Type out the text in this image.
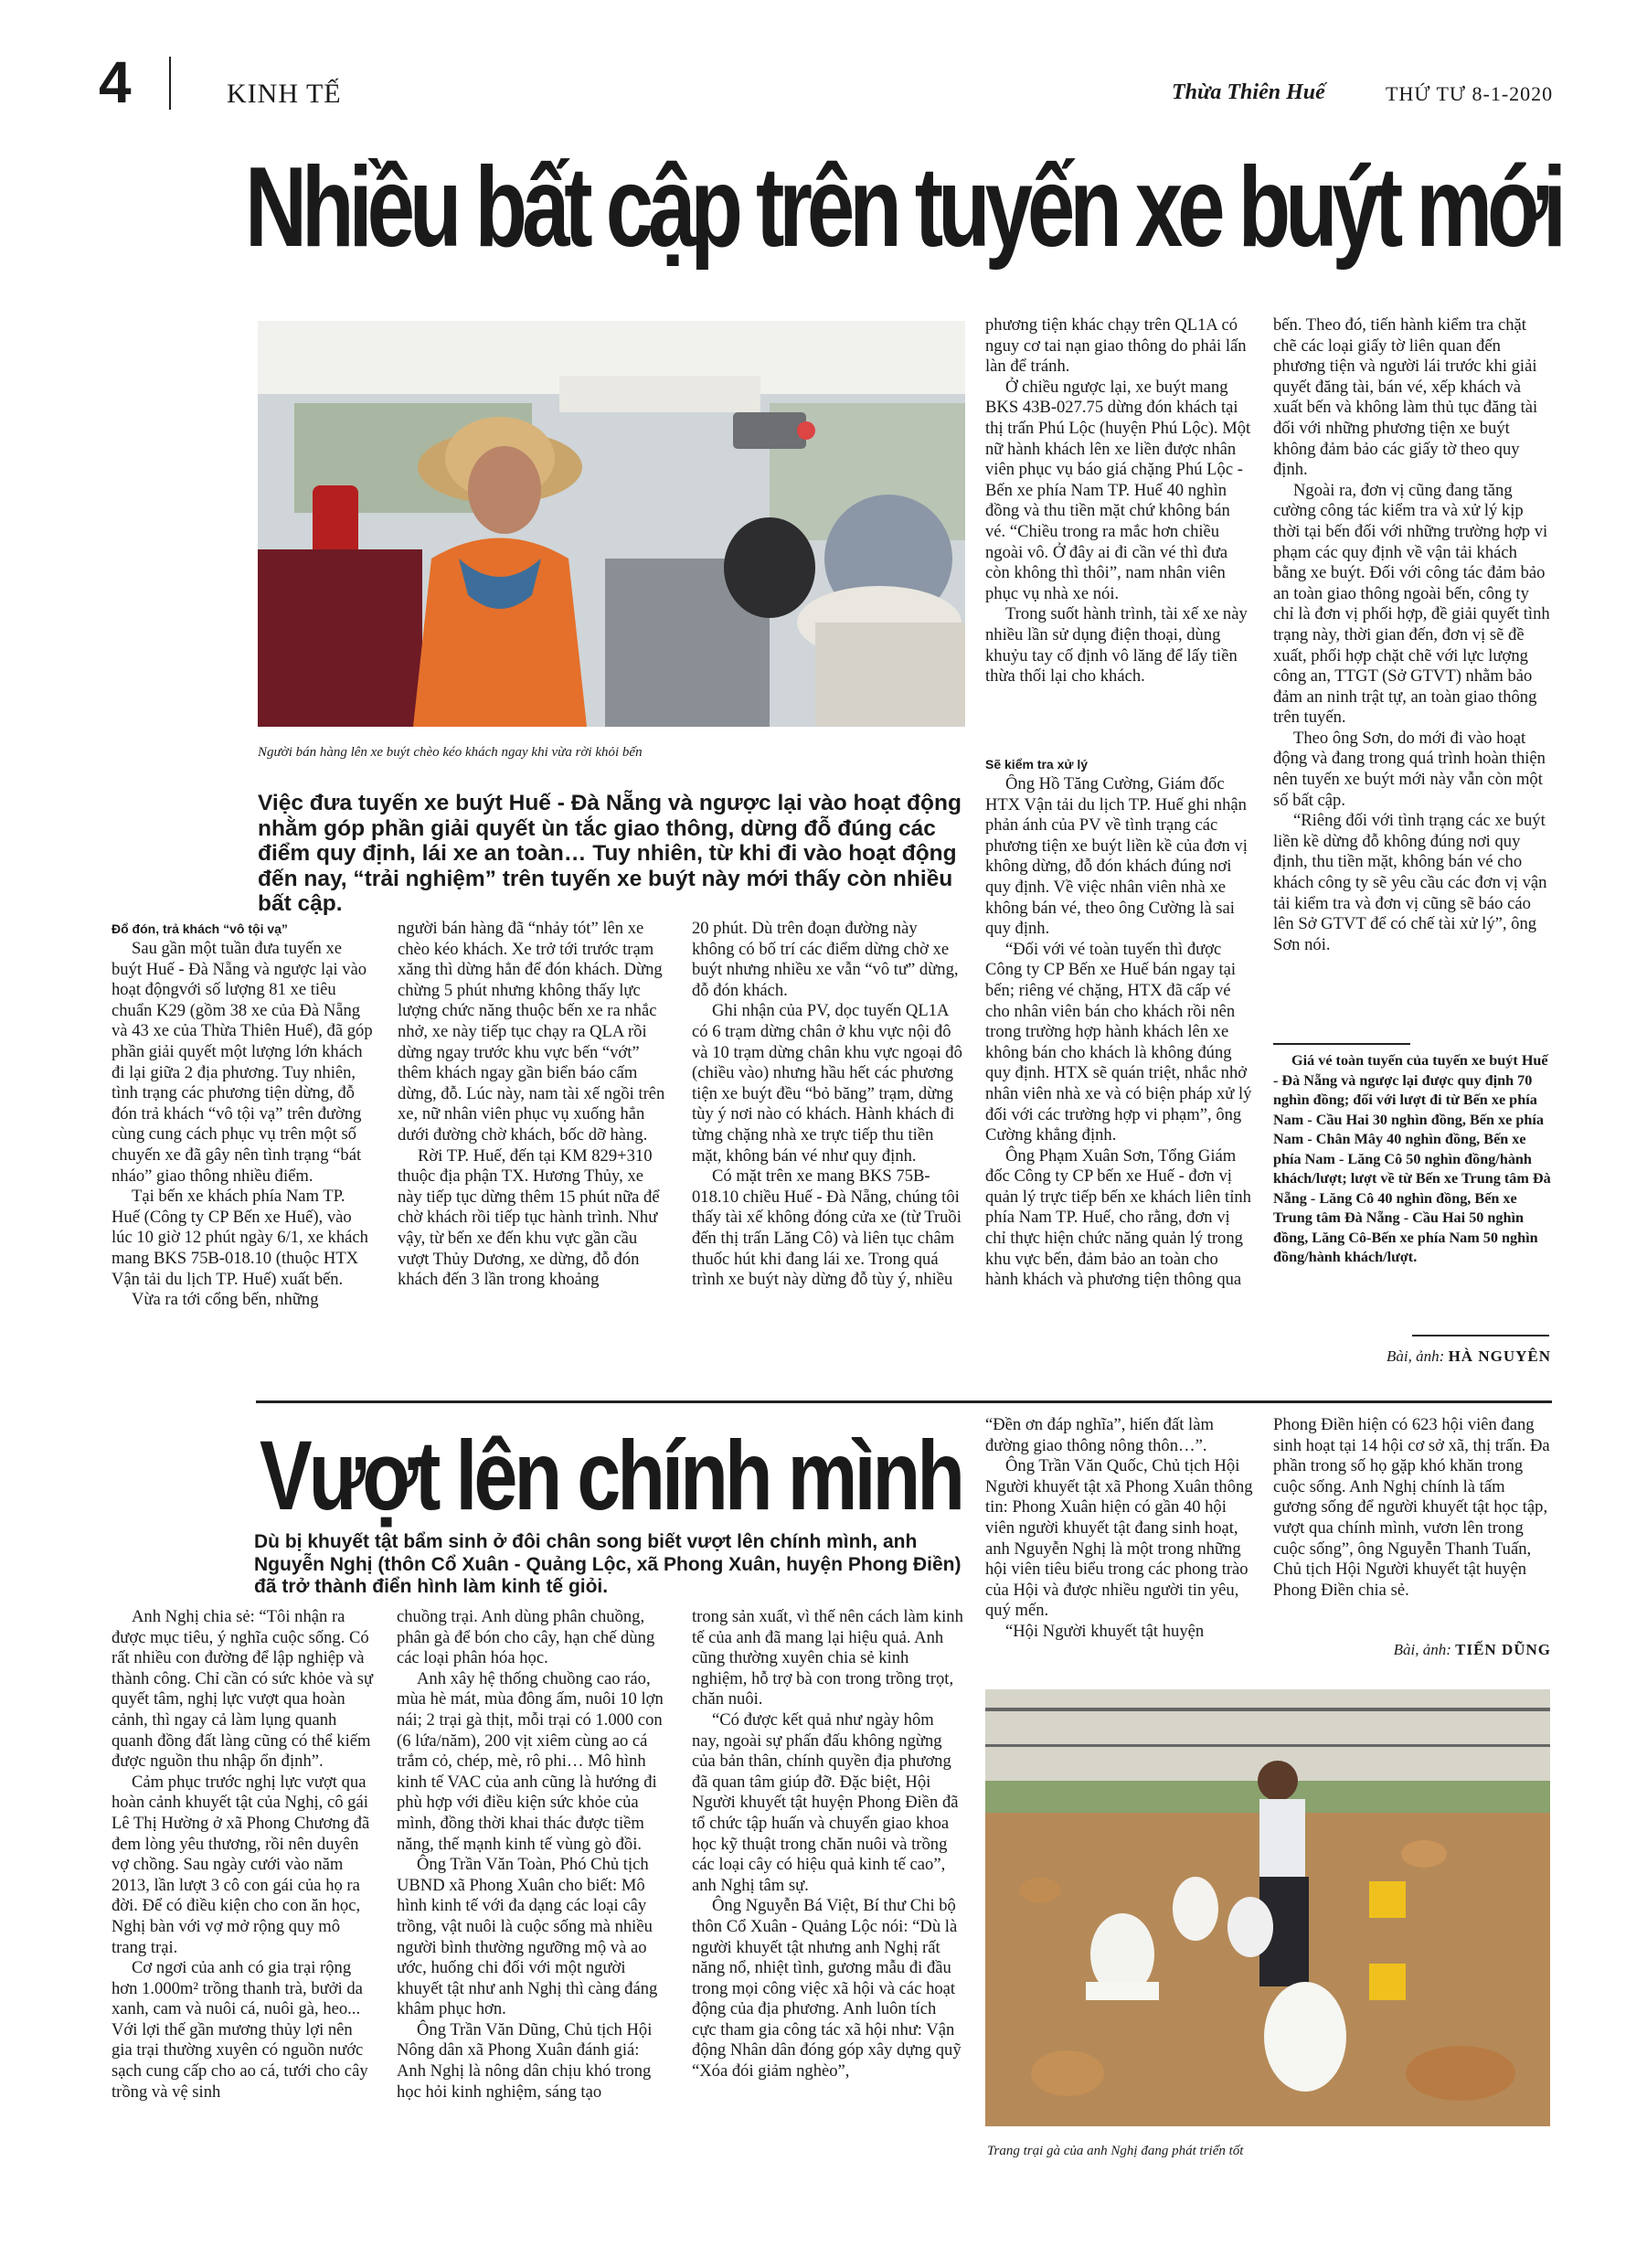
4	KINH TẾ	Thừa Thiên Huế	THỨ TƯ 8-1-2020
Nhiều bất cập trên tuyến xe buýt mới
Người bán hàng lên xe buýt chèo kéo khách ngay khi vừa rời khỏi bến
Việc đưa tuyến xe buýt Huế - Đà Nẵng và ngược lại vào hoạt động nhằm góp phần giải quyết ùn tắc giao thông, dừng đỗ đúng các điểm quy định, lái xe an toàn… Tuy nhiên, từ khi đi vào hoạt động đến nay, “trải nghiệm” trên tuyến xe buýt này mới thấy còn nhiều bất cập.
Đổ đón, trả khách “vô tội vạ”

Sau gần một tuần đưa tuyến xe buýt Huế - Đà Nẵng và ngược lại vào hoạt độngvới số lượng 81 xe tiêu chuẩn K29 (gồm 38 xe của Đà Nẵng và 43 xe của Thừa Thiên Huế), đã góp phần giải quyết một lượng lớn khách đi lại giữa 2 địa phương. Tuy nhiên, tình trạng các phương tiện dừng, đỗ đón trả khách “vô tội vạ” trên đường cùng cung cách phục vụ trên một số chuyến xe đã gây nên tình trạng “bát nháo” giao thông nhiều điểm.

Tại bến xe khách phía Nam TP. Huế (Công ty CP Bến xe Huế), vào lúc 10 giờ 12 phút ngày 6/1, xe khách mang BKS 75B-018.10 (thuộc HTX Vận tải du lịch TP. Huế) xuất bến.

Vừa ra tới cổng bến, những

người bán hàng đã “nhảy tót” lên xe chèo kéo khách. Xe trở tới trước trạm xăng thì dừng hẳn để đón khách. Dừng chừng 5 phút nhưng không thấy lực lượng chức năng thuộc bến xe ra nhắc nhở, xe này tiếp tục chạy ra QLA rồi dừng ngay trước khu vực bến “vớt” thêm khách ngay gần biển báo cấm dừng, đỗ. Lúc này, nam tài xế ngồi trên xe, nữ nhân viên phục vụ xuống hẳn dưới đường chờ khách, bốc dỡ hàng.

Rời TP. Huế, đến tại KM 829+310 thuộc địa phận TX. Hương Thủy, xe này tiếp tục dừng thêm 15 phút nữa để chờ khách rồi tiếp tục hành trình. Như vậy, từ bến xe đến khu vực gần cầu vượt Thủy Dương, xe dừng, đỗ đón khách đến 3 lần trong khoảng

20 phút. Dù trên đoạn đường này không có bố trí các điểm dừng chờ xe buýt nhưng nhiều xe vẫn “vô tư” dừng, đỗ đón khách.

Ghi nhận của PV, dọc tuyến QL1A có 6 trạm dừng chân ở khu vực nội đô và 10 trạm dừng chân khu vực ngoại đô (chiều vào) nhưng hầu hết các phương tiện xe buýt đều “bỏ băng” trạm, dừng tùy ý nơi nào có khách. Hành khách đi từng chặng nhà xe trực tiếp thu tiền mặt, không bán vé như quy định.

Có mặt trên xe mang BKS 75B-018.10 chiều Huế - Đà Nẵng, chúng tôi thấy tài xế không đóng cửa xe (từ Truồi đến thị trấn Lăng Cô) và liên tục châm thuốc hút khi đang lái xe. Trong quá trình xe buýt này dừng đỗ tùy ý, nhiều

phương tiện khác chạy trên QL1A có nguy cơ tai nạn giao thông do phải lấn làn để tránh.

Ở chiều ngược lại, xe buýt mang BKS 43B-027.75 dừng đón khách tại thị trấn Phú Lộc (huyện Phú Lộc). Một nữ hành khách lên xe liền được nhân viên phục vụ báo giá chặng Phú Lộc - Bến xe phía Nam TP. Huế 40 nghìn đồng và thu tiền mặt chứ không bán vé. “Chiều trong ra mắc hơn chiều ngoài vô. Ở đây ai đi cần vé thì đưa còn không thì thôi”, nam nhân viên phục vụ nhà xe nói.

Trong suốt hành trình, tài xế xe này nhiều lần sử dụng điện thoại, dùng khuỷu tay cố định vô lăng để lấy tiền thừa thối lại cho khách.

Sẽ kiểm tra xử lý

Ông Hồ Tăng Cường, Giám đốc HTX Vận tải du lịch TP. Huế ghi nhận phản ánh của PV về tình trạng các phương tiện xe buýt liền kề của đơn vị không dừng, đỗ đón khách đúng nơi quy định. Về việc nhân viên nhà xe không bán vé, theo ông Cường là sai quy định.

“Đối với vé toàn tuyến thì được Công ty CP Bến xe Huế bán ngay tại bến; riêng vé chặng, HTX đã cấp vé cho nhân viên bán cho khách rồi nên trong trường hợp hành khách lên xe không bán cho khách là không đúng quy định. HTX sẽ quán triệt, nhắc nhở nhân viên nhà xe và có biện pháp xử lý đối với các trường hợp vi phạm”, ông Cường khẳng định.

Ông Phạm Xuân Sơn, Tổng Giám đốc Công ty CP bến xe Huế - đơn vị quản lý trực tiếp bến xe khách liên tỉnh phía Nam TP. Huế, cho rằng, đơn vị chỉ thực hiện chức năng quản lý trong khu vực bến, đảm bảo an toàn cho hành khách và phương tiện thông qua

bến. Theo đó, tiến hành kiểm tra chặt chẽ các loại giấy tờ liên quan đến phương tiện và người lái trước khi giải quyết đăng tài, bán vé, xếp khách và xuất bến và không làm thủ tục đăng tài đối với những phương tiện xe buýt không đảm bảo các giấy tờ theo quy định.

Ngoài ra, đơn vị cũng đang tăng cường công tác kiểm tra và xử lý kịp thời tại bến đối với những trường hợp vi phạm các quy định về vận tải khách bằng xe buýt. Đối với công tác đảm bảo an toàn giao thông ngoài bến, công ty chỉ là đơn vị phối hợp, đề giải quyết tình trạng này, thời gian đến, đơn vị sẽ đề xuất, phối hợp chặt chẽ với lực lượng công an, TTGT (Sở GTVT) nhằm bảo đảm an ninh trật tự, an toàn giao thông trên tuyến.

Theo ông Sơn, do mới đi vào hoạt động và đang trong quá trình hoàn thiện nên tuyến xe buýt mới này vẫn còn một số bất cập.

“Riêng đối với tình trạng các xe buýt liền kề dừng đỗ không đúng nơi quy định, thu tiền mặt, không bán vé cho khách công ty sẽ yêu cầu các đơn vị vận tải kiểm tra và đơn vị cũng sẽ báo cáo lên Sở GTVT để có chế tài xử lý”, ông Sơn nói.

Giá vé toàn tuyến của tuyến xe buýt Huế - Đà Nẵng và ngược lại được quy định 70 nghìn đồng; đối với lượt đi từ Bến xe phía Nam - Cầu Hai 30 nghìn đồng, Bến xe phía Nam - Chân Mây 40 nghìn đồng, Bến xe phía Nam - Lăng Cô 50 nghìn đồng/hành khách/lượt; lượt về từ Bến xe Trung tâm Đà Nẵng - Lăng Cô 40 nghìn đồng, Bến xe Trung tâm Đà Nẵng - Cầu Hai 50 nghìn đồng, Lăng Cô-Bến xe phía Nam 50 nghìn đồng/hành khách/lượt.

Bài, ảnh: HÀ NGUYÊN
Vượt lên chính mình
Dù bị khuyết tật bẩm sinh ở đôi chân song biết vượt lên chính mình, anh Nguyễn Nghị (thôn Cổ Xuân - Quảng Lộc, xã Phong Xuân, huyện Phong Điền) đã trở thành điển hình làm kinh tế giỏi.

Anh Nghị chia sẻ: “Tôi nhận ra được mục tiêu, ý nghĩa cuộc sống. Có rất nhiều con đường để lập nghiệp và thành công. Chỉ cần có sức khỏe và sự quyết tâm, nghị lực vượt qua hoàn cảnh, thì ngay cả làm lụng quanh quanh đồng đất làng cũng có thể kiếm được nguồn thu nhập ổn định”.

Cảm phục trước nghị lực vượt qua hoàn cảnh khuyết tật của Nghị, cô gái Lê Thị Hường ở xã Phong Chương đã đem lòng yêu thương, rồi nên duyên vợ chồng. Sau ngày cưới vào năm 2013, lần lượt 3 cô con gái của họ ra đời. Để có điều kiện cho con ăn học, Nghị bàn với vợ mở rộng quy mô trang trại.

Cơ ngơi của anh có gia trại rộng hơn 1.000m² trồng thanh trà, bưởi da xanh, cam và nuôi cá, nuôi gà, heo... Với lợi thế gần mương thủy lợi nên gia trại thường xuyên có nguồn nước sạch cung cấp cho ao cá, tưới cho cây trồng và vệ sinh

chuồng trại. Anh dùng phân chuồng, phân gà để bón cho cây, hạn chế dùng các loại phân hóa học.

Anh xây hệ thống chuồng cao ráo, mùa hè mát, mùa đông ấm, nuôi 10 lợn nái; 2 trại gà thịt, mỗi trại có 1.000 con (6 lứa/năm), 200 vịt xiêm cùng ao cá trắm cỏ, chép, mè, rô phi… Mô hình kinh tế VAC của anh cũng là hướng đi phù hợp với điều kiện sức khỏe của mình, đồng thời khai thác được tiềm năng, thế mạnh kinh tế vùng gò đồi.

Ông Trần Văn Toàn, Phó Chủ tịch UBND xã Phong Xuân cho biết: Mô hình kinh tế với đa dạng các loại cây trồng, vật nuôi là cuộc sống mà nhiều người bình thường ngưỡng mộ và ao ước, huống chi đối với một người khuyết tật như anh Nghị thì càng đáng khâm phục hơn.

Ông Trần Văn Dũng, Chủ tịch Hội Nông dân xã Phong Xuân đánh giá: Anh Nghị là nông dân chịu khó trong học hỏi kinh nghiệm, sáng tạo

trong sản xuất, vì thế nên cách làm kinh tế của anh đã mang lại hiệu quả. Anh cũng thường xuyên chia sẻ kinh nghiệm, hỗ trợ bà con trong trồng trọt, chăn nuôi.

“Có được kết quả như ngày hôm nay, ngoài sự phấn đấu không ngừng của bản thân, chính quyền địa phương đã quan tâm giúp đỡ. Đặc biệt, Hội Người khuyết tật huyện Phong Điền đã tổ chức tập huấn và chuyển giao khoa học kỹ thuật trong chăn nuôi và trồng các loại cây có hiệu quả kinh tế cao”, anh Nghị tâm sự.

Ông Nguyễn Bá Việt, Bí thư Chi bộ thôn Cổ Xuân - Quảng Lộc nói: “Dù là người khuyết tật nhưng anh Nghị rất năng nổ, nhiệt tình, gương mẫu đi đầu trong mọi công việc xã hội và các hoạt động của địa phương. Anh luôn tích cực tham gia công tác xã hội như: Vận động Nhân dân đóng góp xây dựng quỹ “Xóa đói giảm nghèo”,

“Đền ơn đáp nghĩa”, hiến đất làm đường giao thông nông thôn…”.

Ông Trần Văn Quốc, Chủ tịch Hội Người khuyết tật xã Phong Xuân thông tin: Phong Xuân hiện có gần 40 hội viên người khuyết tật đang sinh hoạt, anh Nguyễn Nghị là một trong những hội viên tiêu biểu trong các phong trào của Hội và được nhiều người tin yêu, quý mến.

“Hội Người khuyết tật huyện

Phong Điền hiện có 623 hội viên đang sinh hoạt tại 14 hội cơ sở xã, thị trấn. Đa phần trong số họ gặp khó khăn trong cuộc sống. Anh Nghị chính là tấm gương sống để người khuyết tật học tập, vượt qua chính mình, vươn lên trong cuộc sống”, ông Nguyễn Thanh Tuấn, Chủ tịch Hội Người khuyết tật huyện Phong Điền chia sẻ.

Bài, ảnh: TIẾN DŨNG
Trang trại gà của anh Nghị đang phát triển tốt
